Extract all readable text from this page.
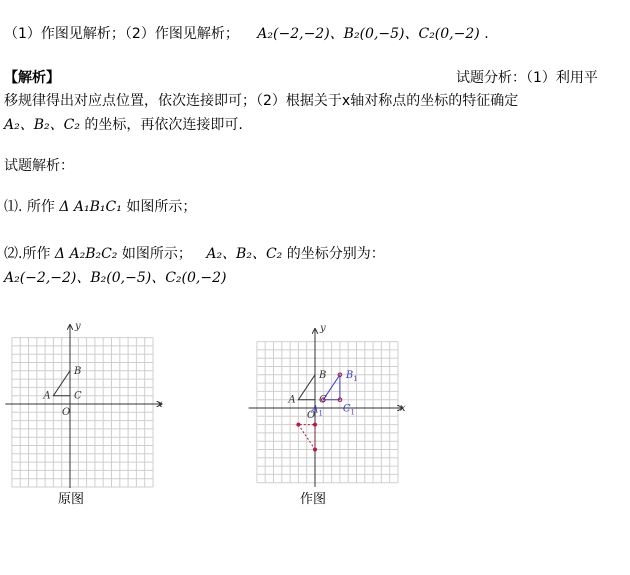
（1）作图见解析；（2）作图见解析； A₂(−2,−2)、B₂(0,−5)、C₂(0,−2) .
【解析】	试题分析：（1）利用平
移规律得出对应点位置，依次连接即可；（2）根据关于x轴对称点的坐标的特征确定
A₂、B₂、C₂ 的坐标，再依次连接即可.
试题解析：
⑴. 所作 Δ A₁B₁C₁ 如图所示；
⑵.所作 Δ A₂B₂C₂ 如图所示； A₂、B₂、C₂ 的坐标分别为：
A₂(−2,−2)、B₂(0,−5)、C₂(0,−2)
x
y
O
A
B
C
x
y
O
A
B
C
$A_1$
$B_1$
$C_1$
原图	作图
